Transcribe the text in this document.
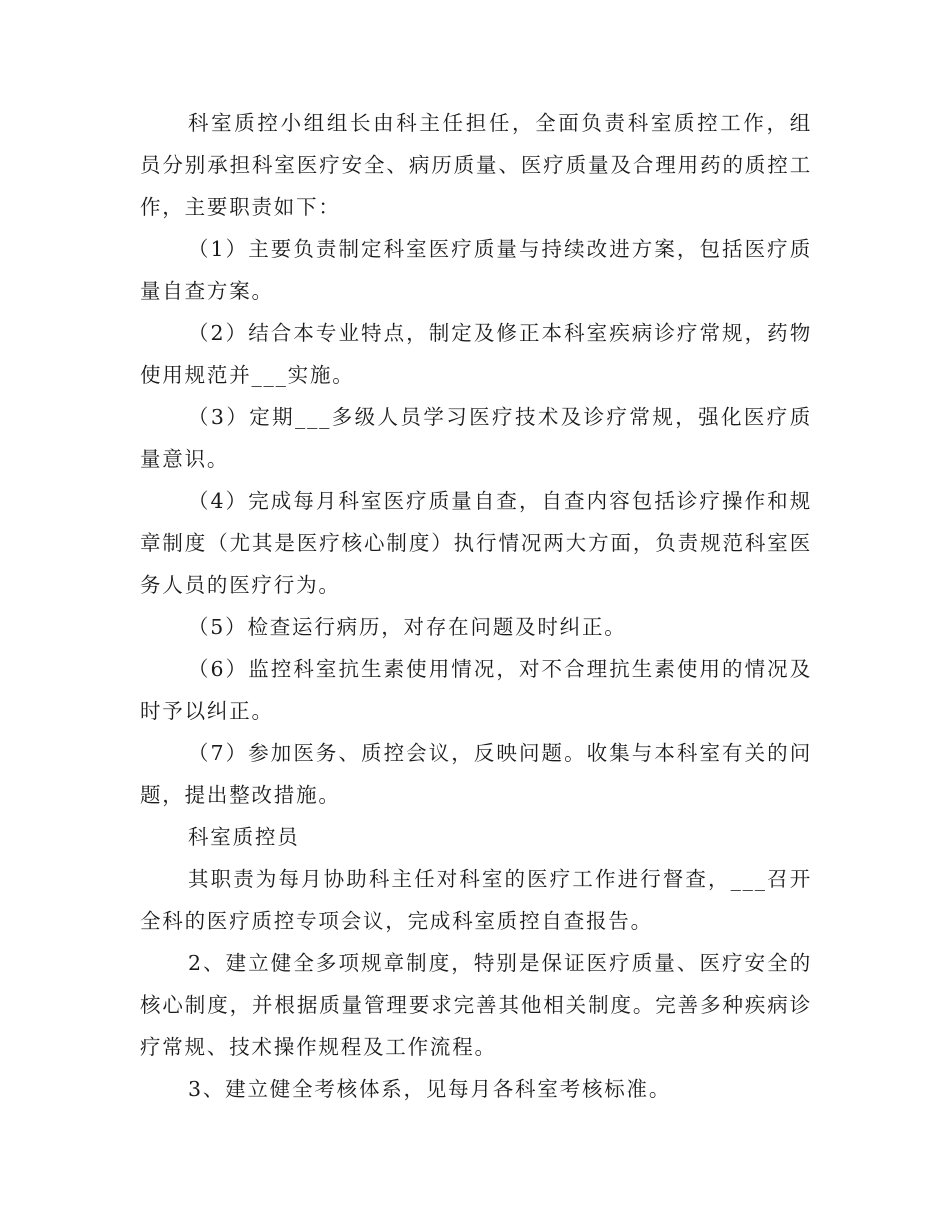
科室质控小组组长由科主任担任，全面负责科室质控工作，组员分别承担科室医疗安全、病历质量、医疗质量及合理用药的质控工作，主要职责如下：

（1）主要负责制定科室医疗质量与持续改进方案，包括医疗质量自查方案。

（2）结合本专业特点，制定及修正本科室疾病诊疗常规，药物使用规范并___实施。

（3）定期___多级人员学习医疗技术及诊疗常规，强化医疗质量意识。

（4）完成每月科室医疗质量自查，自查内容包括诊疗操作和规章制度（尤其是医疗核心制度）执行情况两大方面，负责规范科室医务人员的医疗行为。

（5）检查运行病历，对存在问题及时纠正。

（6）监控科室抗生素使用情况，对不合理抗生素使用的情况及时予以纠正。

（7）参加医务、质控会议，反映问题。收集与本科室有关的问题，提出整改措施。

科室质控员

其职责为每月协助科主任对科室的医疗工作进行督查，___召开全科的医疗质控专项会议，完成科室质控自查报告。

2、建立健全多项规章制度，特别是保证医疗质量、医疗安全的核心制度，并根据质量管理要求完善其他相关制度。完善多种疾病诊疗常规、技术操作规程及工作流程。

3、建立健全考核体系，见每月各科室考核标准。
